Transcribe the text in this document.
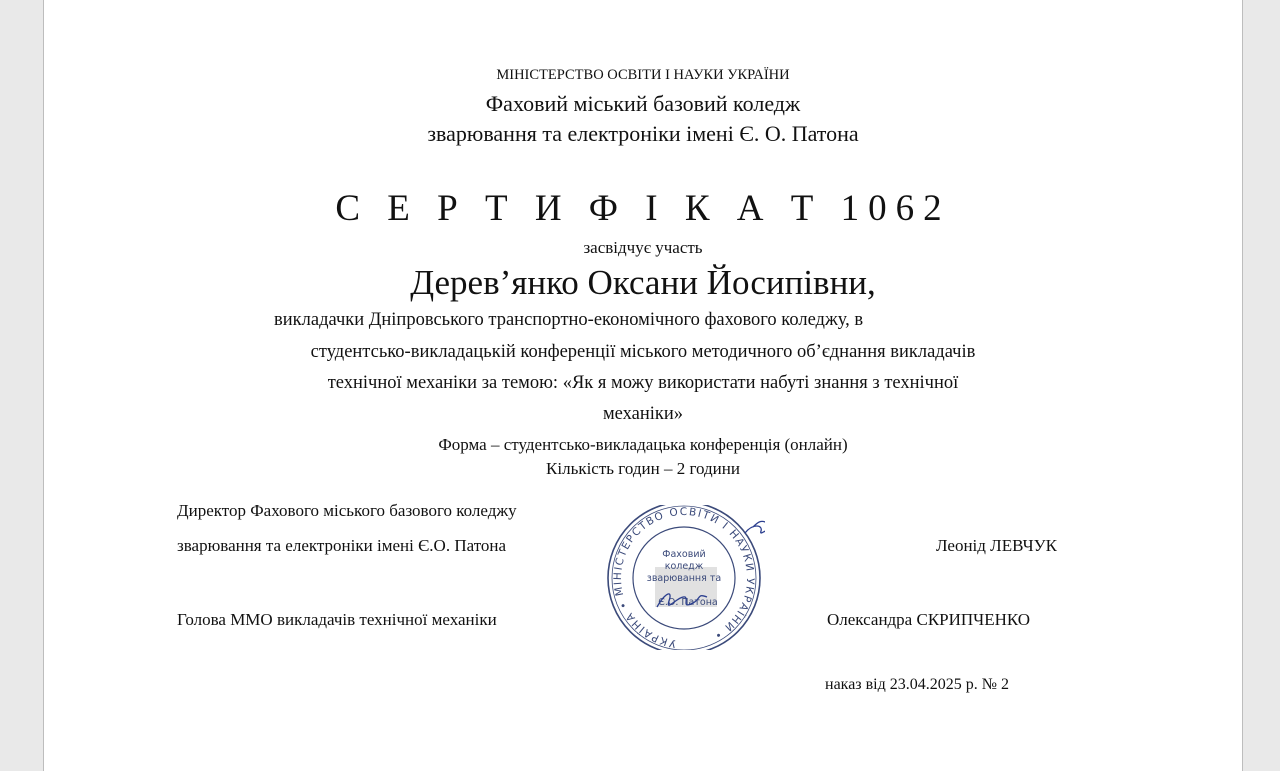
МІНІСТЕРСТВО ОСВІТИ І НАУКИ УКРАЇНИ
Фаховий міський базовий коледж
зварювання та електроніки імені Є. О. Патона
С Е Р Т И Ф І К А Т 1062
засвідчує участь
Дерев’янко Оксани Йосипівни,
викладачки Дніпровського транспортно-економічного фахового коледжу, в
студентсько-викладацькій конференції міського методичного об’єднання викладачів
технічної механіки за темою: «Як я можу використати набуті знання з технічної
механіки»
Форма – студентсько-викладацька конференція (онлайн)
Кількість годин – 2 години
Директор Фахового міського базового коледжу
зварювання та електроніки імені Є.О. Патона	Леонід ЛЕВЧУК
Голова ММО викладачів технічної механіки	Олександра СКРИПЧЕНКО
наказ від 23.04.2025 р. № 2
УКРАЇНА • МІНІСТЕРСТВО ОСВІТИ І НАУКИ УКРАЇНИ •
Фаховий
коледж
зварювання та
Є.О. Патона
